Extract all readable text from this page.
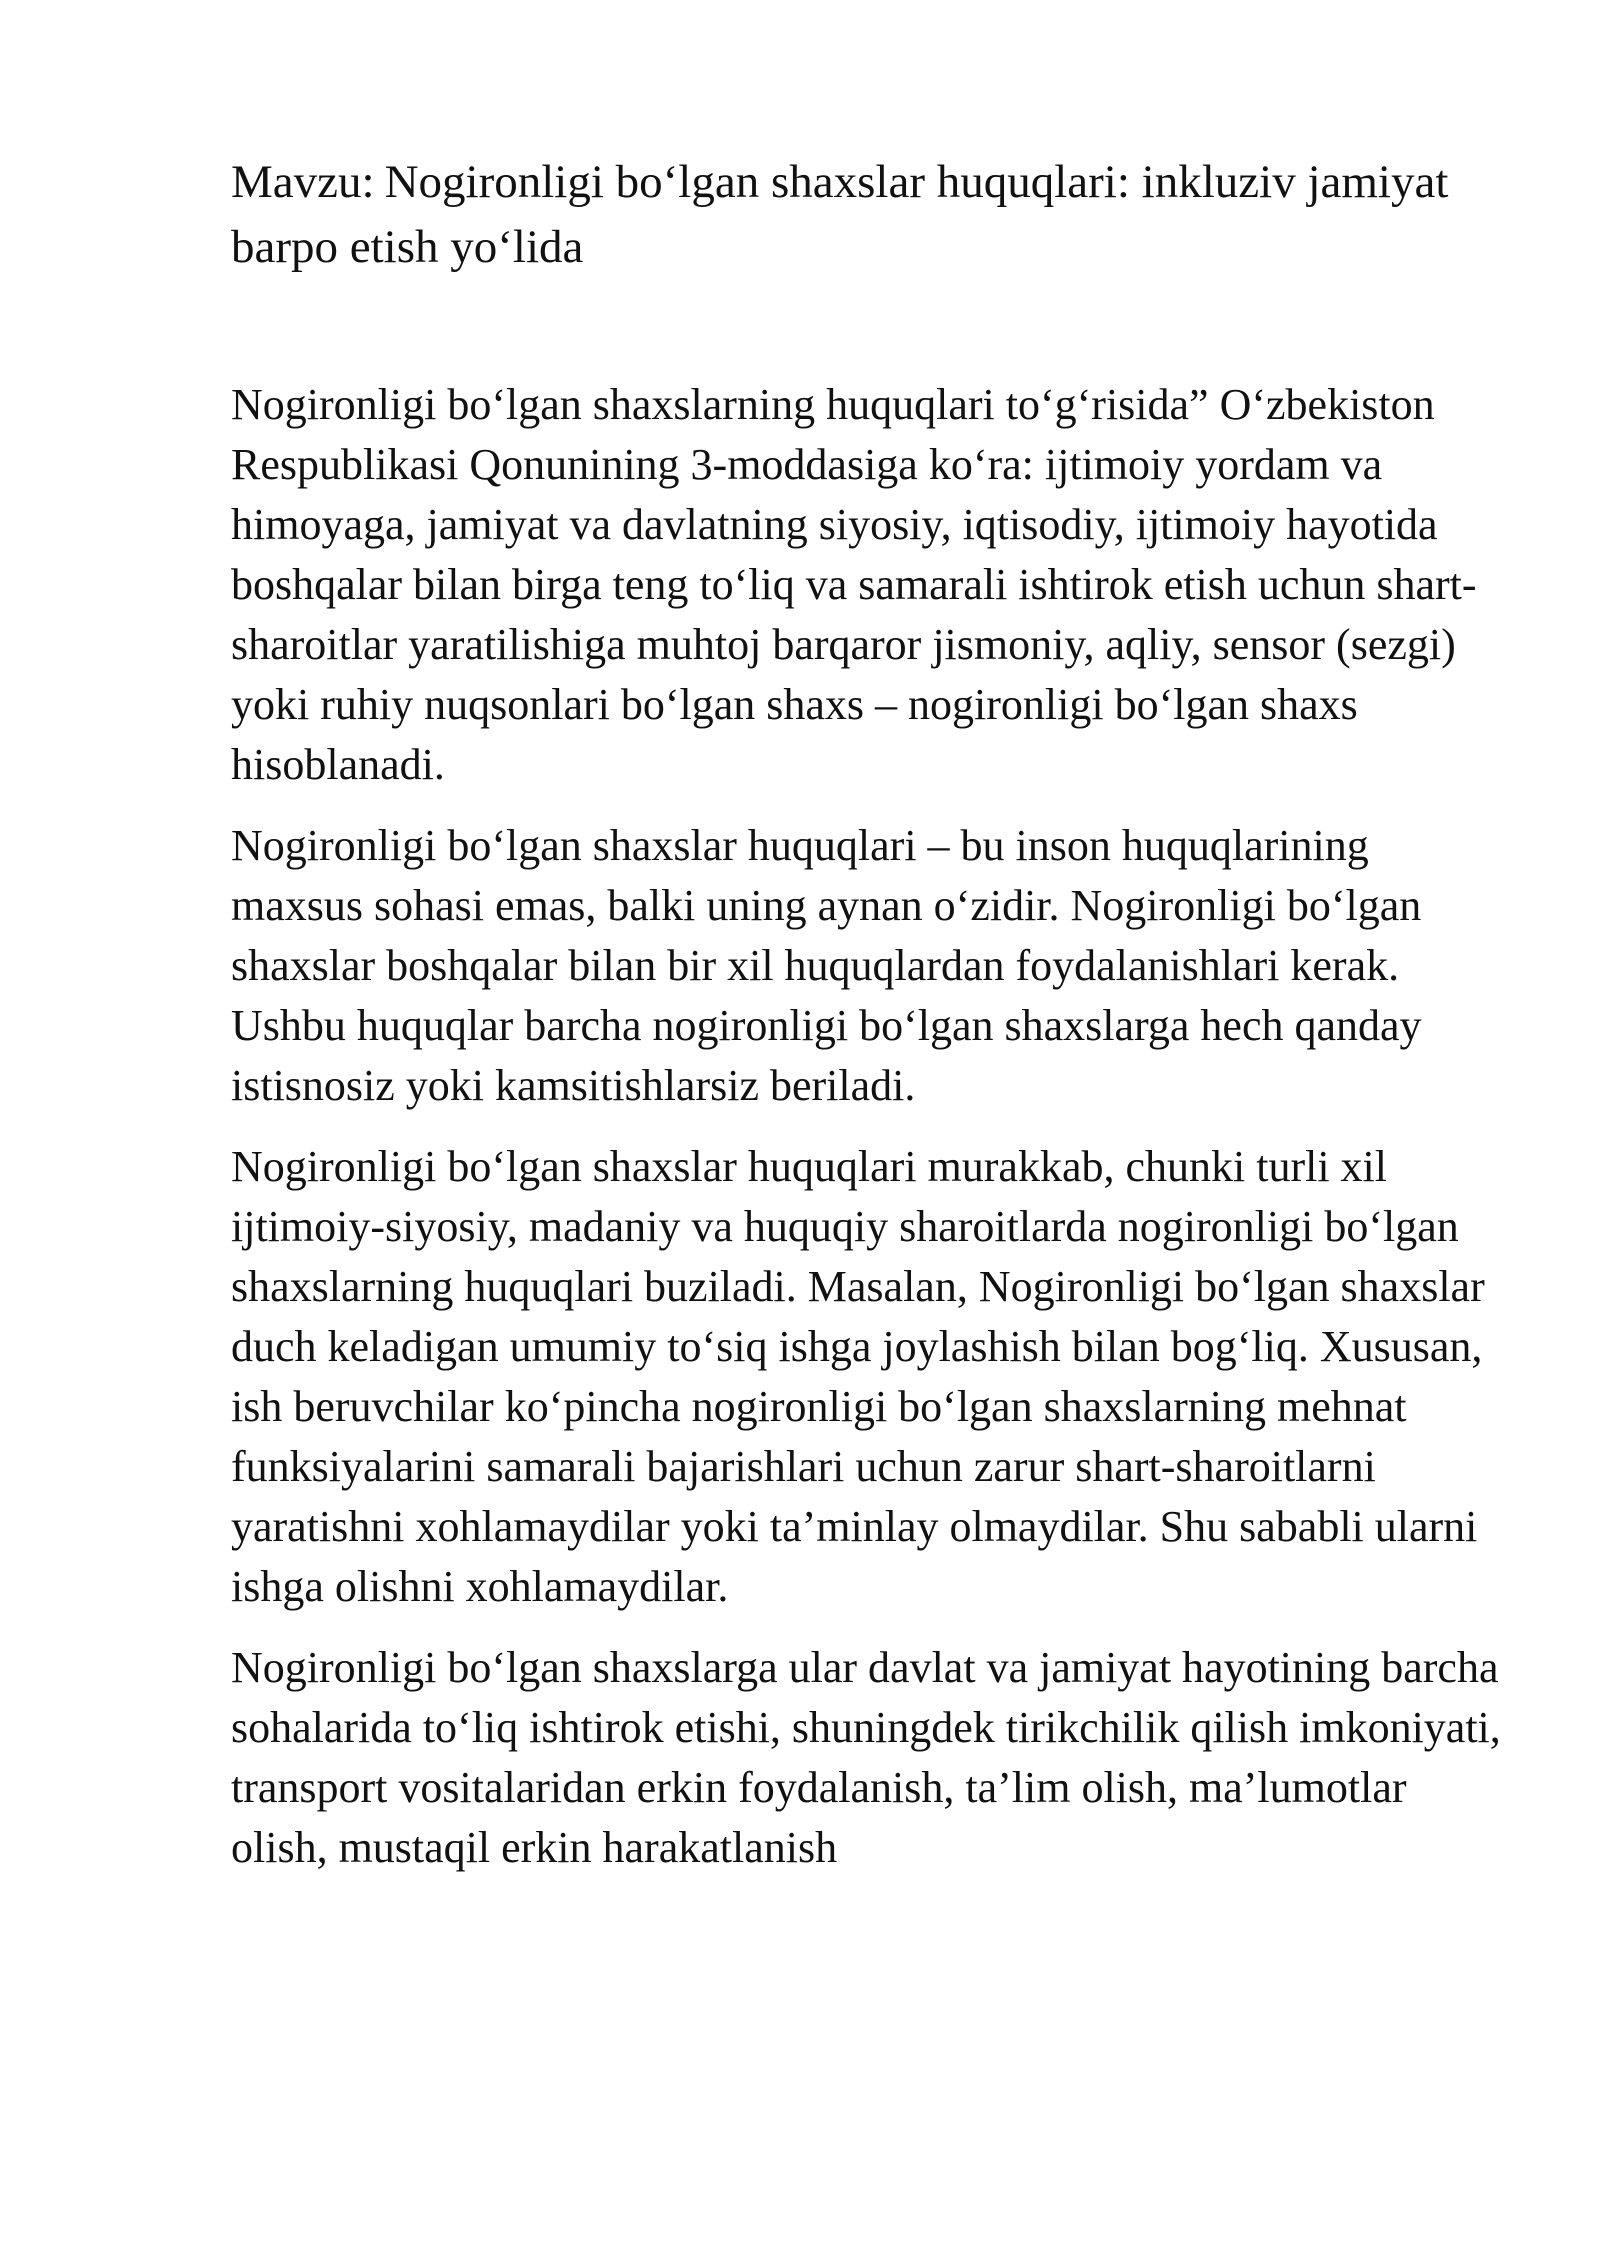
Mavzu: Nogironligi bo‘lgan shaxslar huquqlari: inkluziv jamiyat barpo etish yo‘lida

Nogironligi bo‘lgan shaxslarning huquqlari to‘g‘risida” O‘zbekiston Respublikasi Qonunining 3-moddasiga ko‘ra: ijtimoiy yordam va himoyaga, jamiyat va davlatning siyosiy, iqtisodiy, ijtimoiy hayotida boshqalar bilan birga teng to‘liq va samarali ishtirok etish uchun shart-sharoitlar yaratilishiga muhtoj barqaror jismoniy, aqliy, sensor (sezgi) yoki ruhiy nuqsonlari bo‘lgan shaxs – nogironligi bo‘lgan shaxs hisoblanadi.

Nogironligi bo‘lgan shaxslar huquqlari – bu inson huquqlarining maxsus sohasi emas, balki uning aynan o‘zidir. Nogironligi bo‘lgan shaxslar boshqalar bilan bir xil huquqlardan foydalanishlari kerak. Ushbu huquqlar barcha nogironligi bo‘lgan shaxslarga hech qanday istisnosiz yoki kamsitishlarsiz beriladi.

Nogironligi bo‘lgan shaxslar huquqlari murakkab, chunki turli xil ijtimoiy-siyosiy, madaniy va huquqiy sharoitlarda nogironligi bo‘lgan shaxslarning huquqlari buziladi. Masalan, Nogironligi bo‘lgan shaxslar duch keladigan umumiy to‘siq ishga joylashish bilan bog‘liq. Xususan, ish beruvchilar ko‘pincha nogironligi bo‘lgan shaxslarning mehnat funksiyalarini samarali bajarishlari uchun zarur shart-sharoitlarni yaratishni xohlamaydilar yoki ta’minlay olmaydilar. Shu sababli ularni ishga olishni xohlamaydilar.

Nogironligi bo‘lgan shaxslarga ular davlat va jamiyat hayotining barcha sohalarida to‘liq ishtirok etishi, shuningdek tirikchilik qilish imkoniyati, transport vositalaridan erkin foydalanish, ta’lim olish, ma’lumotlar olish, mustaqil erkin harakatlanish
